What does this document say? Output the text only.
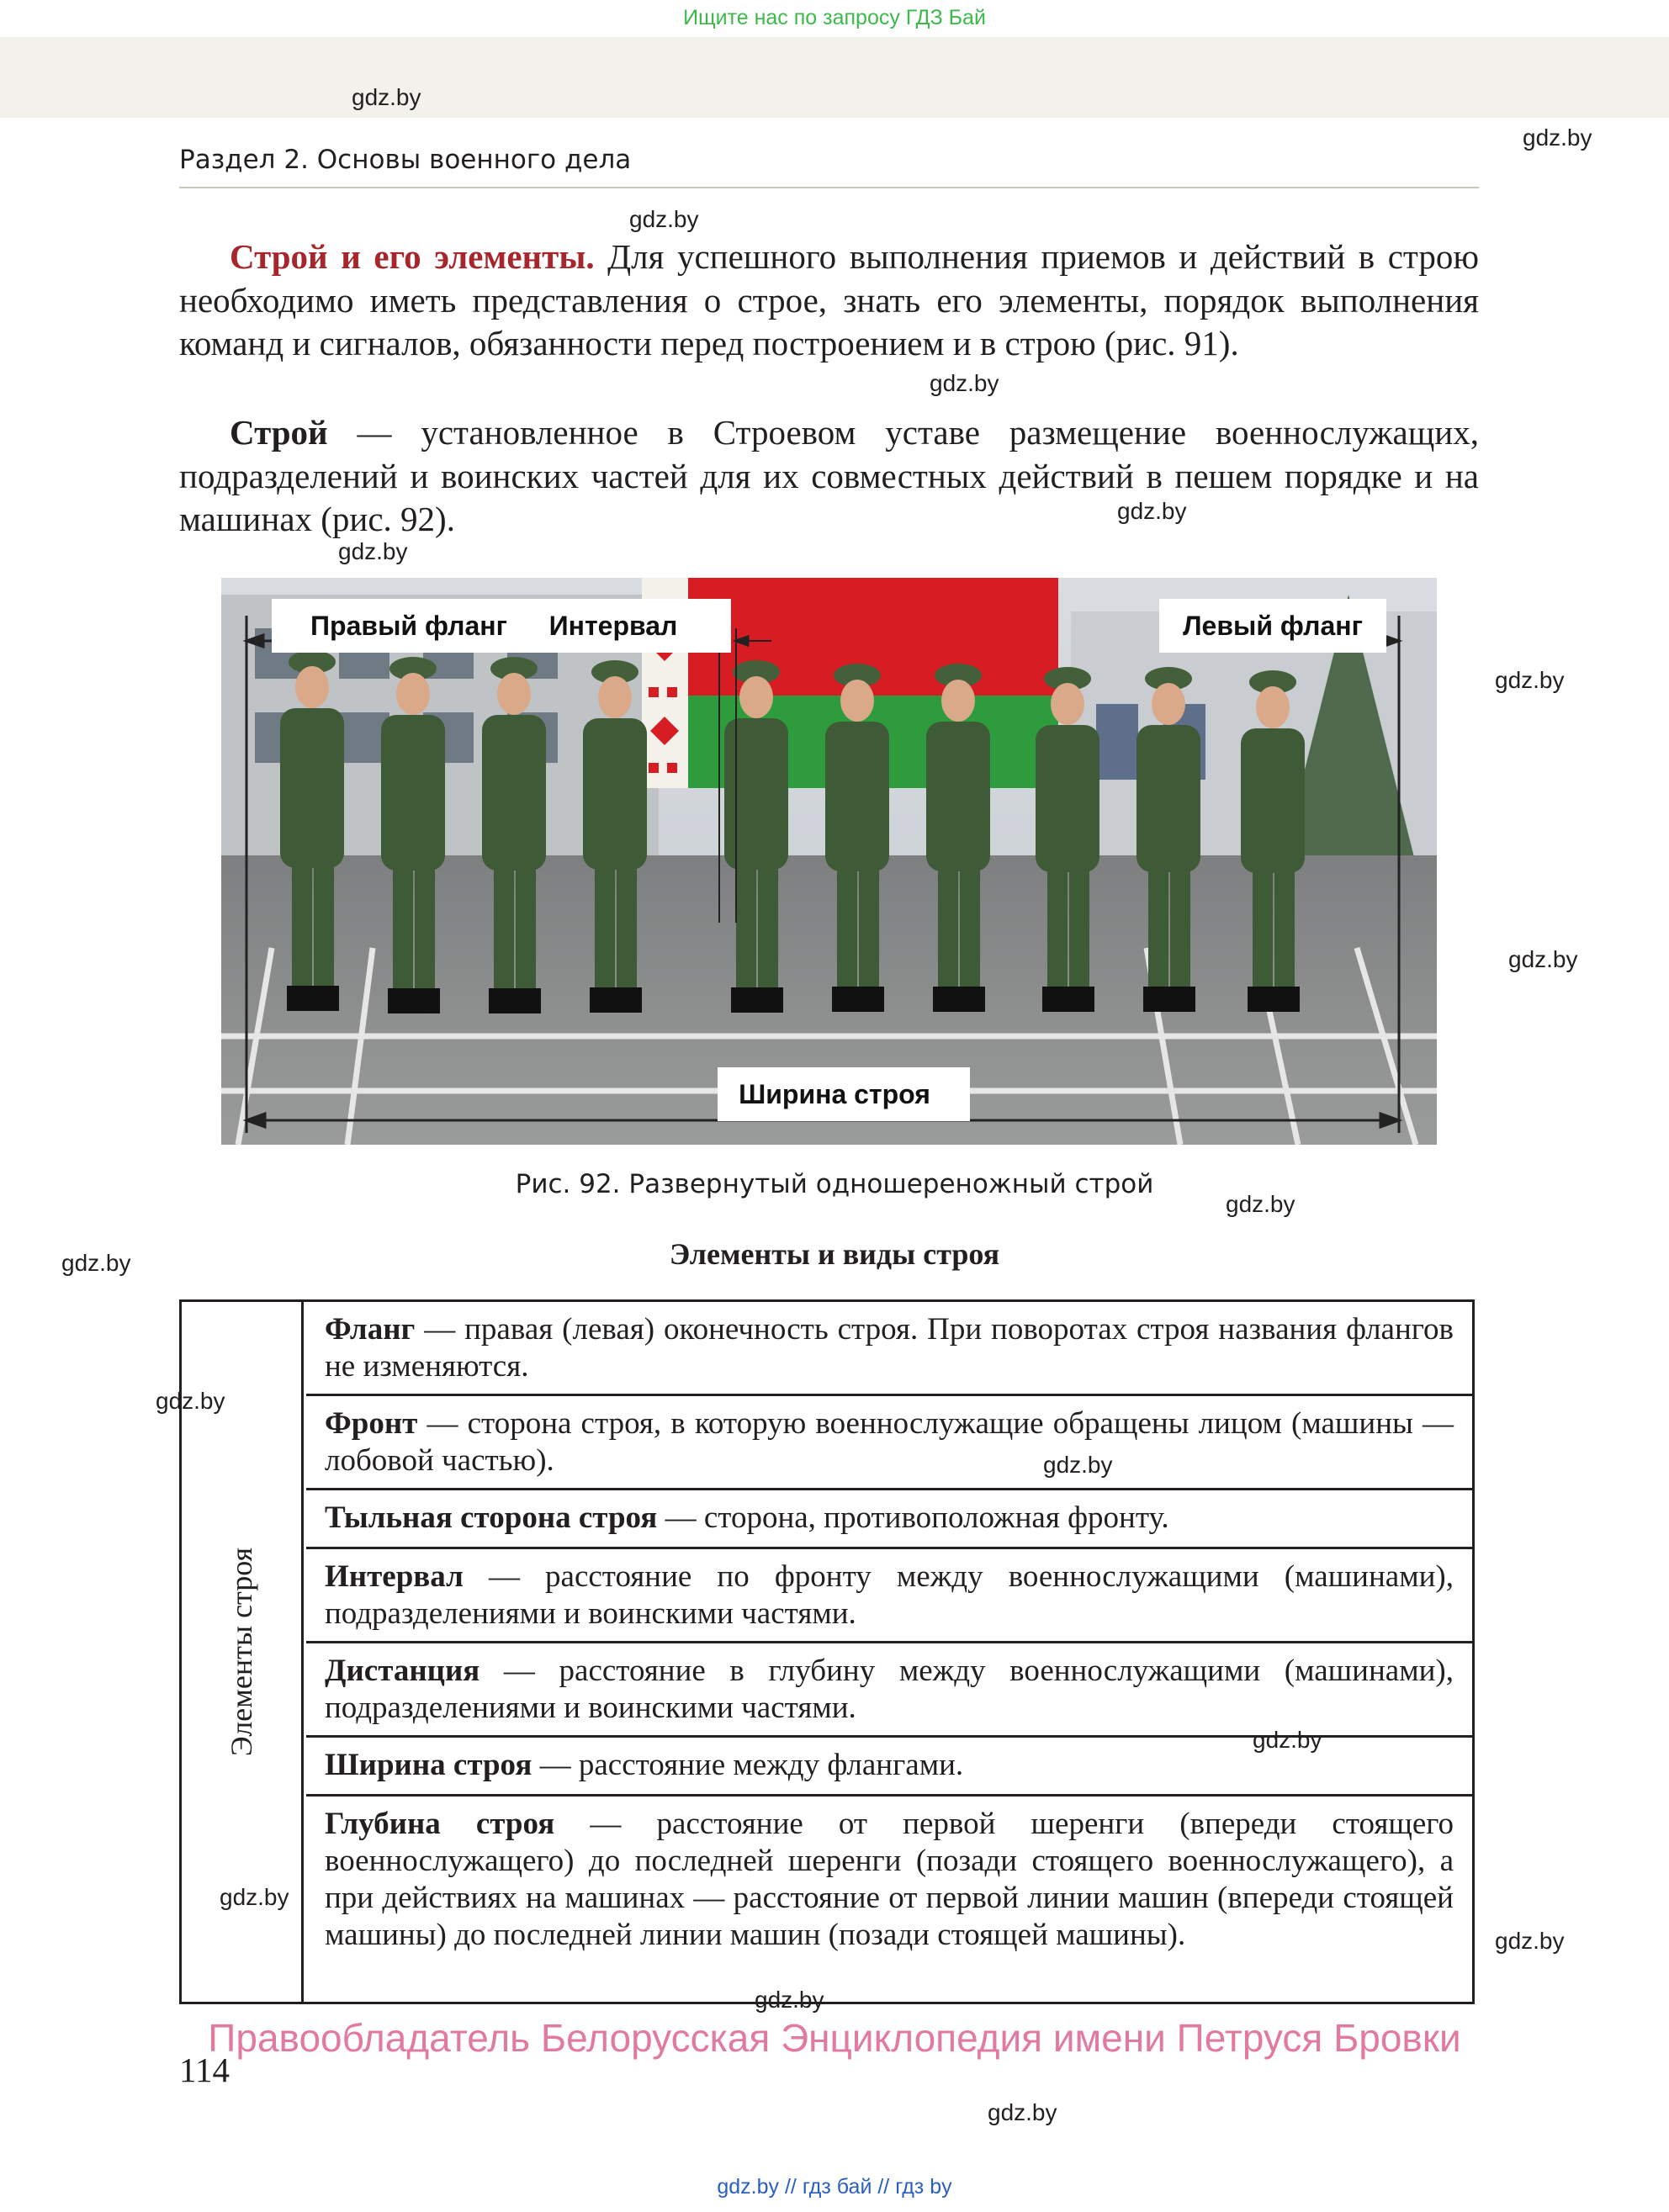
Ищите нас по запросу ГДЗ Бай
Раздел 2. Основы военного дела
gdz.by
gdz.by
gdz.by
gdz.by
gdz.by
gdz.by
gdz.by
gdz.by
gdz.by
gdz.by
gdz.by
gdz.by
gdz.by
gdz.by
gdz.by
gdz.by
gdz.by
Строй и его элементы. Для успешного выполнения приемов и действий в строю необходимо иметь представления о строе, знать его элементы, порядок выполнения команд и сигналов, обязанности перед построением и в строю (рис. 91).
Строй — установленное в Строевом уставе размещение военнослужащих, подразделений и воинских частей для их совместных действий в пешем порядке и на машинах (рис. 92).
Правый фланг Интервал	Левый фланг
Ширина строя
Рис. 92. Развернутый одношереножный строй
Элементы и виды строя
Элементы строя
Фланг — правая (левая) оконечность строя. При поворотах строя названия флангов не изменяются.
Фронт — сторона строя, в которую военнослужащие обращены лицом (машины — лобовой частью).
Тыльная сторона строя — сторона, противоположная фронту.
Интервал — расстояние по фронту между военнослужащими (машинами), подразделениями и воинскими частями.
Дистанция — расстояние в глубину между военнослужащими (машинами), подразделениями и воинскими частями.
Ширина строя — расстояние между флангами.
Глубина строя — расстояние от первой шеренги (впереди стоящего военнослужащего) до последней шеренги (позади стоящего военнослужащего), а при действиях на машинах — расстояние от первой линии машин (впереди стоящей машины) до последней линии машин (позади стоящей машины).
Правообладатель Белорусская Энциклопедия имени Петруся Бровки
114
gdz.by // гдз бай // гдз by
